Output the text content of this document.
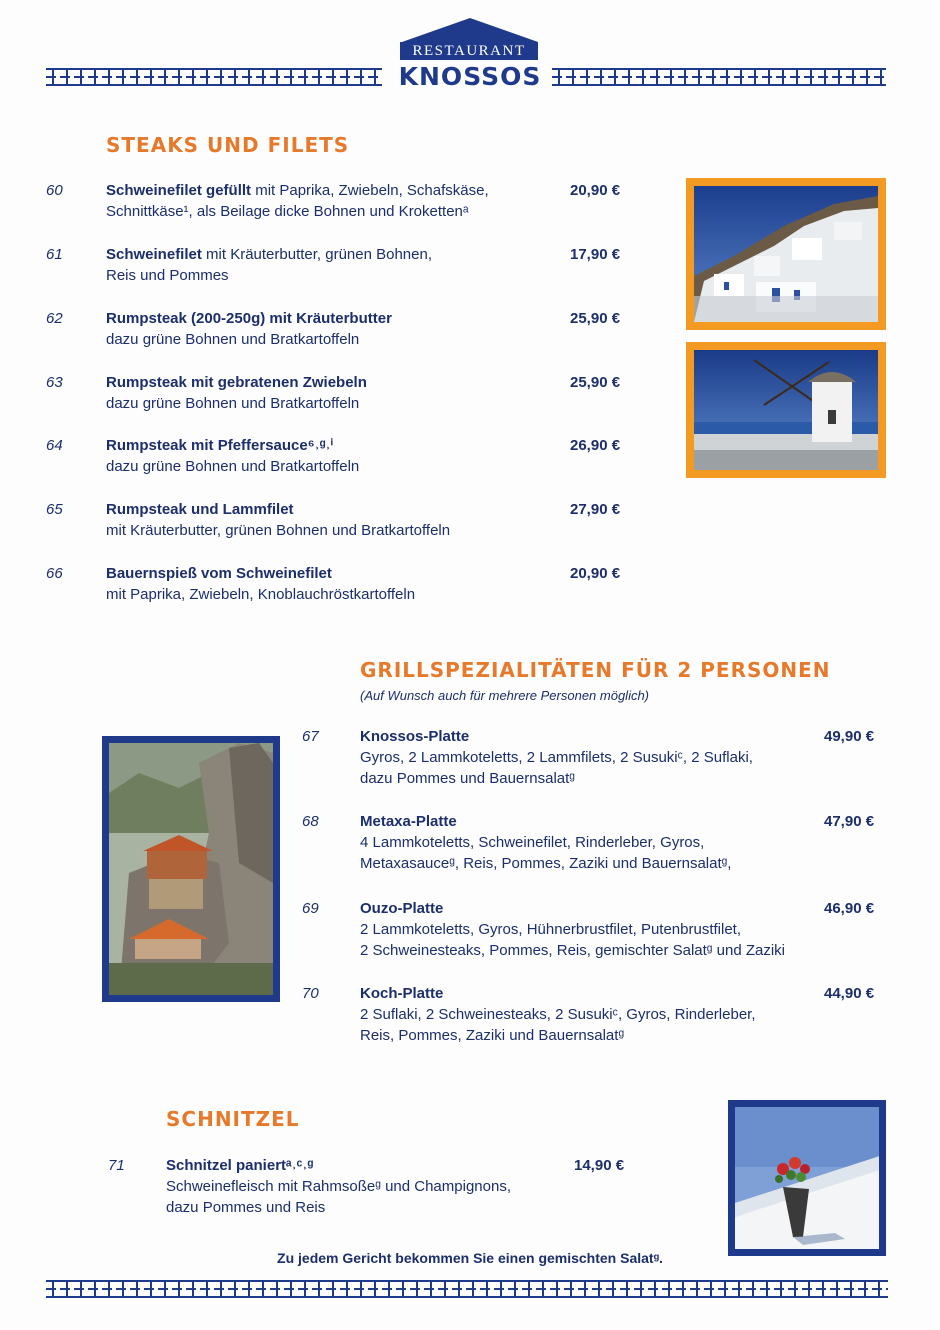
RESTAURANT
KNOSSOS
STEAKS UND FILETS
60	Schweinefilet gefüllt mit Paprika, Zwiebeln, Schafskäse,
Schnittkäse¹, als Beilage dicke Bohnen und Krokettenᵃ
20,90 €
61	Schweinefilet mit Kräuterbutter, grünen Bohnen,
Reis und Pommes
17,90 €
62	Rumpsteak (200-250g) mit Kräuterbutter
dazu grüne Bohnen und Bratkartoffeln
25,90 €
63	Rumpsteak mit gebratenen Zwiebeln
dazu grüne Bohnen und Bratkartoffeln
25,90 €
64	Rumpsteak mit Pfeffersauce⁶˒ᵍ˒ⁱ
dazu grüne Bohnen und Bratkartoffeln
26,90 €
65	Rumpsteak und Lammfilet
mit Kräuterbutter, grünen Bohnen und Bratkartoffeln
27,90 €
66	Bauernspieß vom Schweinefilet
mit Paprika, Zwiebeln, Knoblauchröstkartoffeln
20,90 €
GRILLSPEZIALITÄTEN FÜR 2 PERSONEN
(Auf Wunsch auch für mehrere Personen möglich)
67	Knossos-Platte
Gyros, 2 Lammkoteletts, 2 Lammfilets, 2 Susukiᶜ, 2 Suflaki,
dazu Pommes und Bauernsalatᵍ
49,90 €
68	Metaxa-Platte
4 Lammkoteletts, Schweinefilet, Rinderleber, Gyros,
Metaxasauceᵍ, Reis, Pommes, Zaziki und Bauernsalatᵍ,
47,90 €
69	Ouzo-Platte
2 Lammkoteletts, Gyros, Hühnerbrustfilet, Putenbrustfilet,
2 Schweinesteaks, Pommes, Reis, gemischter Salatᵍ und Zaziki
46,90 €
70	Koch-Platte
2 Suflaki, 2 Schweinesteaks, 2 Susukiᶜ, Gyros, Rinderleber,
Reis, Pommes, Zaziki und Bauernsalatᵍ
44,90 €
SCHNITZEL
71	Schnitzel paniertᵃ˒ᶜ˒ᵍ
Schweinefleisch mit Rahmsoßeᵍ und Champignons,
dazu Pommes und Reis
14,90 €
Zu jedem Gericht bekommen Sie einen gemischten Salatᵍ.
